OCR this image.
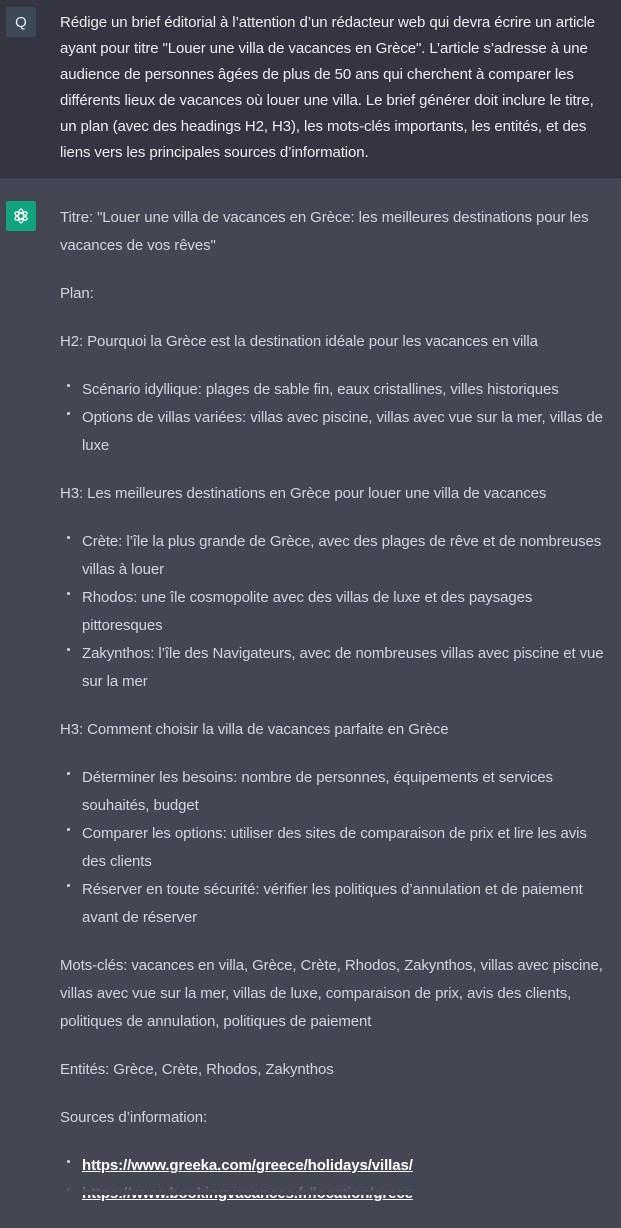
Q Rédige un brief éditorial à l’attention d’un rédacteur web qui devra écrire un article ayant pour titre "Louer une villa de vacances en Grèce". L’article s’adresse à une audience de personnes âgées de plus de 50 ans qui cherchent à comparer les différents lieux de vacances où louer une villa. Le brief générer doit inclure le titre, un plan (avec des headings H2, H3), les mots-clés importants, les entités, et des liens vers les principales sources d’information.

Titre: "Louer une villa de vacances en Grèce: les meilleures destinations pour les vacances de vos rêves"

Plan:

H2: Pourquoi la Grèce est la destination idéale pour les vacances en villa

Scénario idyllique: plages de sable fin, eaux cristallines, villes historiques
Options de villas variées: villas avec piscine, villas avec vue sur la mer, villas de luxe

H3: Les meilleures destinations en Grèce pour louer une villa de vacances

Crète: l’île la plus grande de Grèce, avec des plages de rêve et de nombreuses villas à louer
Rhodos: une île cosmopolite avec des villas de luxe et des paysages pittoresques
Zakynthos: l’île des Navigateurs, avec de nombreuses villas avec piscine et vue sur la mer

H3: Comment choisir la villa de vacances parfaite en Grèce

Déterminer les besoins: nombre de personnes, équipements et services souhaités, budget
Comparer les options: utiliser des sites de comparaison de prix et lire les avis des clients
Réserver en toute sécurité: vérifier les politiques d’annulation et de paiement avant de réserver

Mots-clés: vacances en villa, Grèce, Crète, Rhodos, Zakynthos, villas avec piscine, villas avec vue sur la mer, villas de luxe, comparaison de prix, avis des clients, politiques de annulation, politiques de paiement

Entités: Grèce, Crète, Rhodos, Zakynthos

Sources d’information:

https://www.greeka.com/greece/holidays/villas/
https://www.bookingvacances.fr/location/grece
